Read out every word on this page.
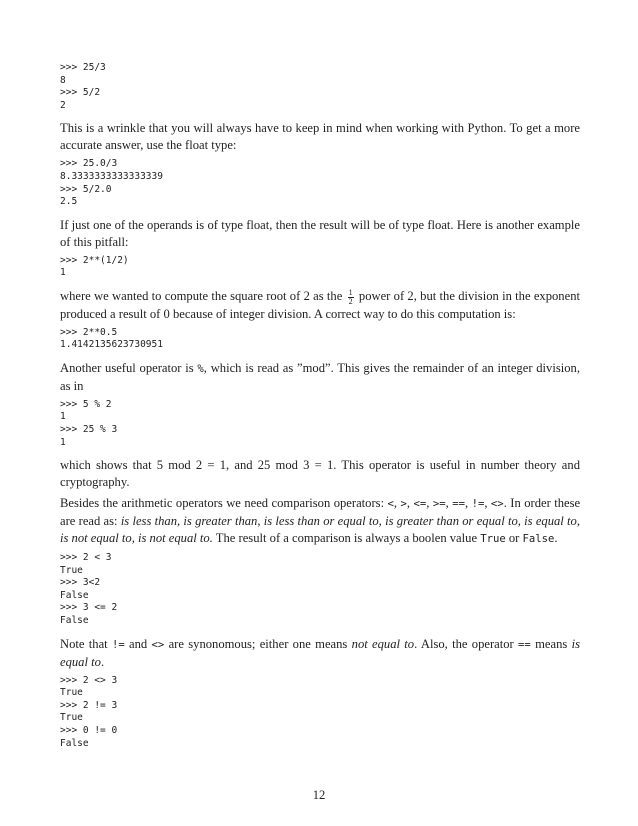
>>> 25/3
8
>>> 5/2
2

This is a wrinkle that you will always have to keep in mind when working with Python. To get a more accurate answer, use the float type:

>>> 25.0/3
8.3333333333333339
>>> 5/2.0
2.5

If just one of the operands is of type float, then the result will be of type float. Here is another example of this pitfall:

>>> 2**(1/2)
1

where we wanted to compute the square root of 2 as the $\frac{1}{2}$ power of 2, but the division in the exponent produced a result of 0 because of integer division. A correct way to do this computation is:

>>> 2**0.5
1.4142135623730951

Another useful operator is %, which is read as ”mod”. This gives the remainder of an integer division, as in

>>> 5 % 2
1
>>> 25 % 3
1

which shows that 5 mod 2 = 1, and 25 mod 3 = 1. This operator is useful in number theory and cryptography.

Besides the arithmetic operators we need comparison operators: <, >, <=, >=, ==, !=, <>. In order these are read as: is less than, is greater than, is less than or equal to, is greater than or equal to, is equal to, is not equal to, is not equal to. The result of a comparison is always a boolen value True or False.

>>> 2 < 3
True
>>> 3<2
False
>>> 3 <= 2
False

Note that != and <> are synonomous; either one means not equal to. Also, the operator == means is equal to.

>>> 2 <> 3
True
>>> 2 != 3
True
>>> 0 != 0
False
12
